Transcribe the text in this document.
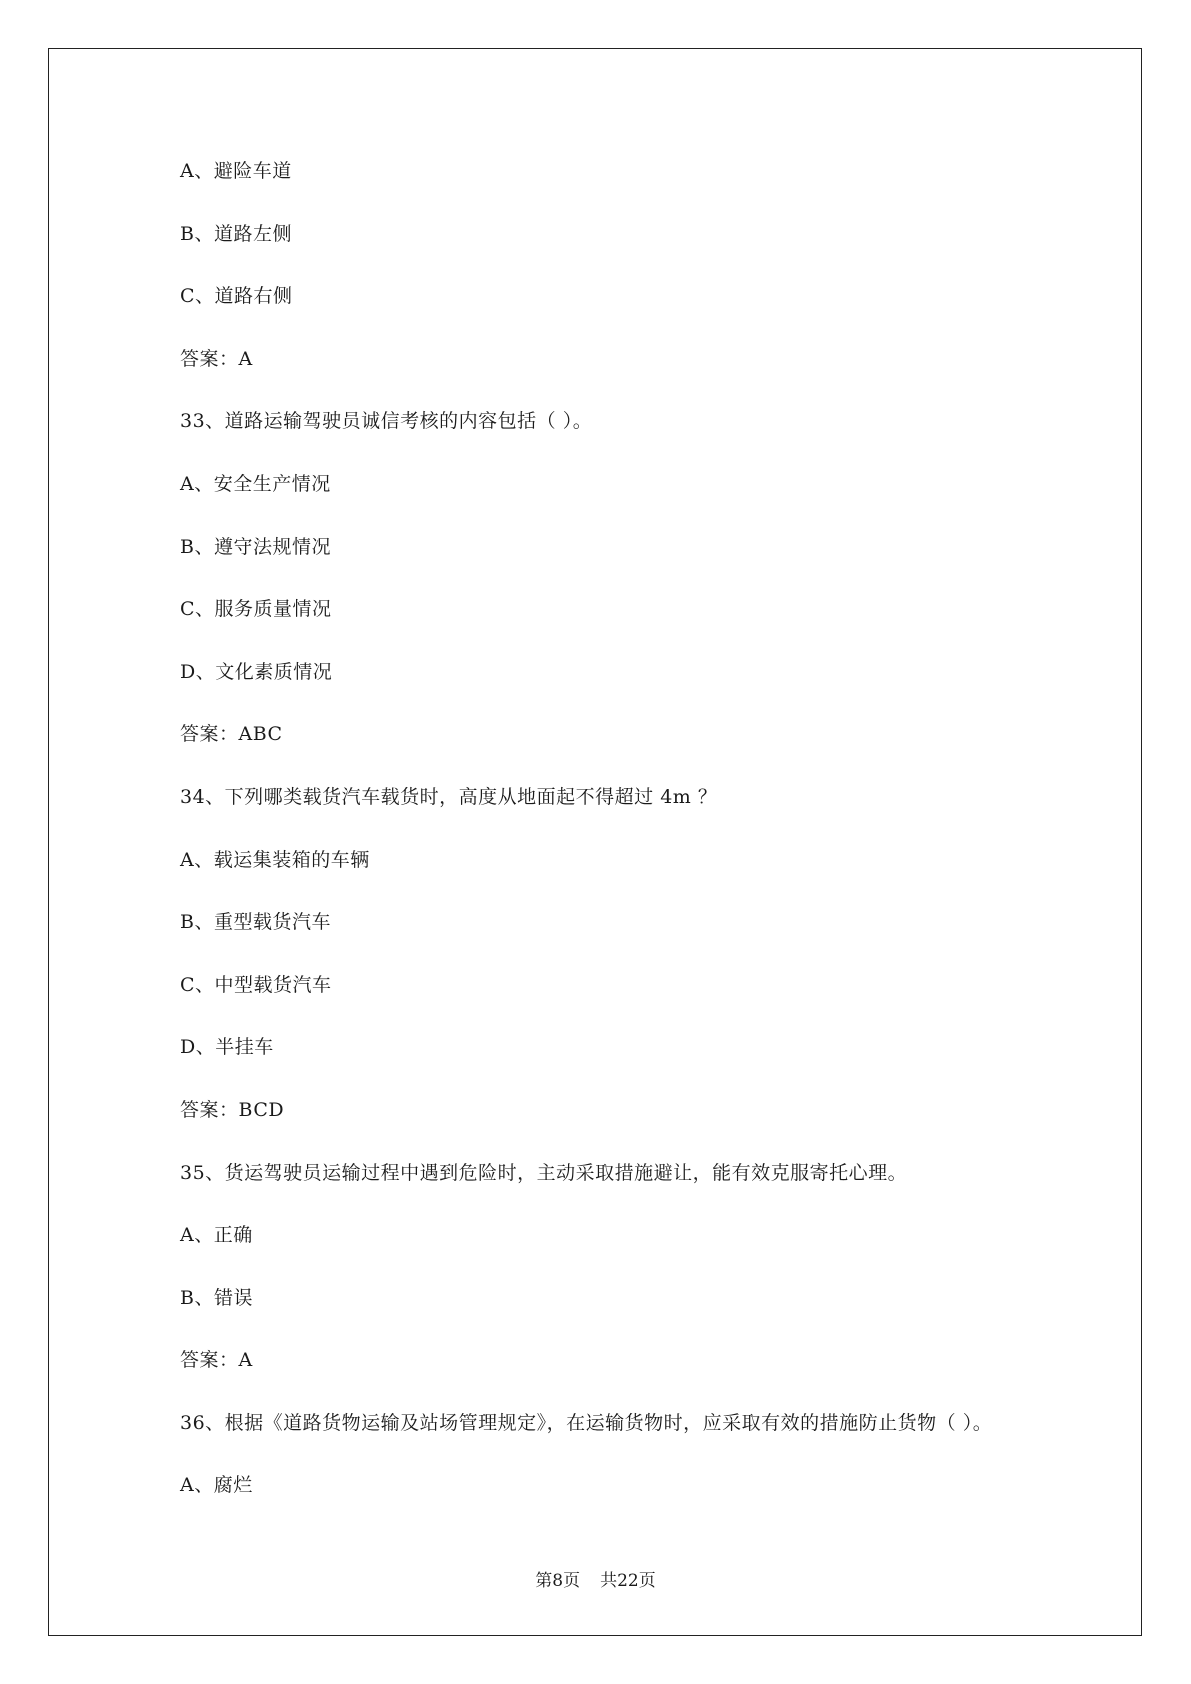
A、避险车道
B、道路左侧
C、道路右侧
答案：A
33、道路运输驾驶员诚信考核的内容包括（ ）。
A、安全生产情况
B、遵守法规情况
C、服务质量情况
D、文化素质情况
答案：ABC
34、下列哪类载货汽车载货时，高度从地面起不得超过 4m ？
A、载运集装箱的车辆
B、重型载货汽车
C、中型载货汽车
D、半挂车
答案：BCD
35、货运驾驶员运输过程中遇到危险时，主动采取措施避让，能有效克服寄托心理。
A、正确
B、错误
答案：A
36、根据《道路货物运输及站场管理规定》，在运输货物时，应采取有效的措施防止货物（ ）。
A、腐烂
第8页 共22页
